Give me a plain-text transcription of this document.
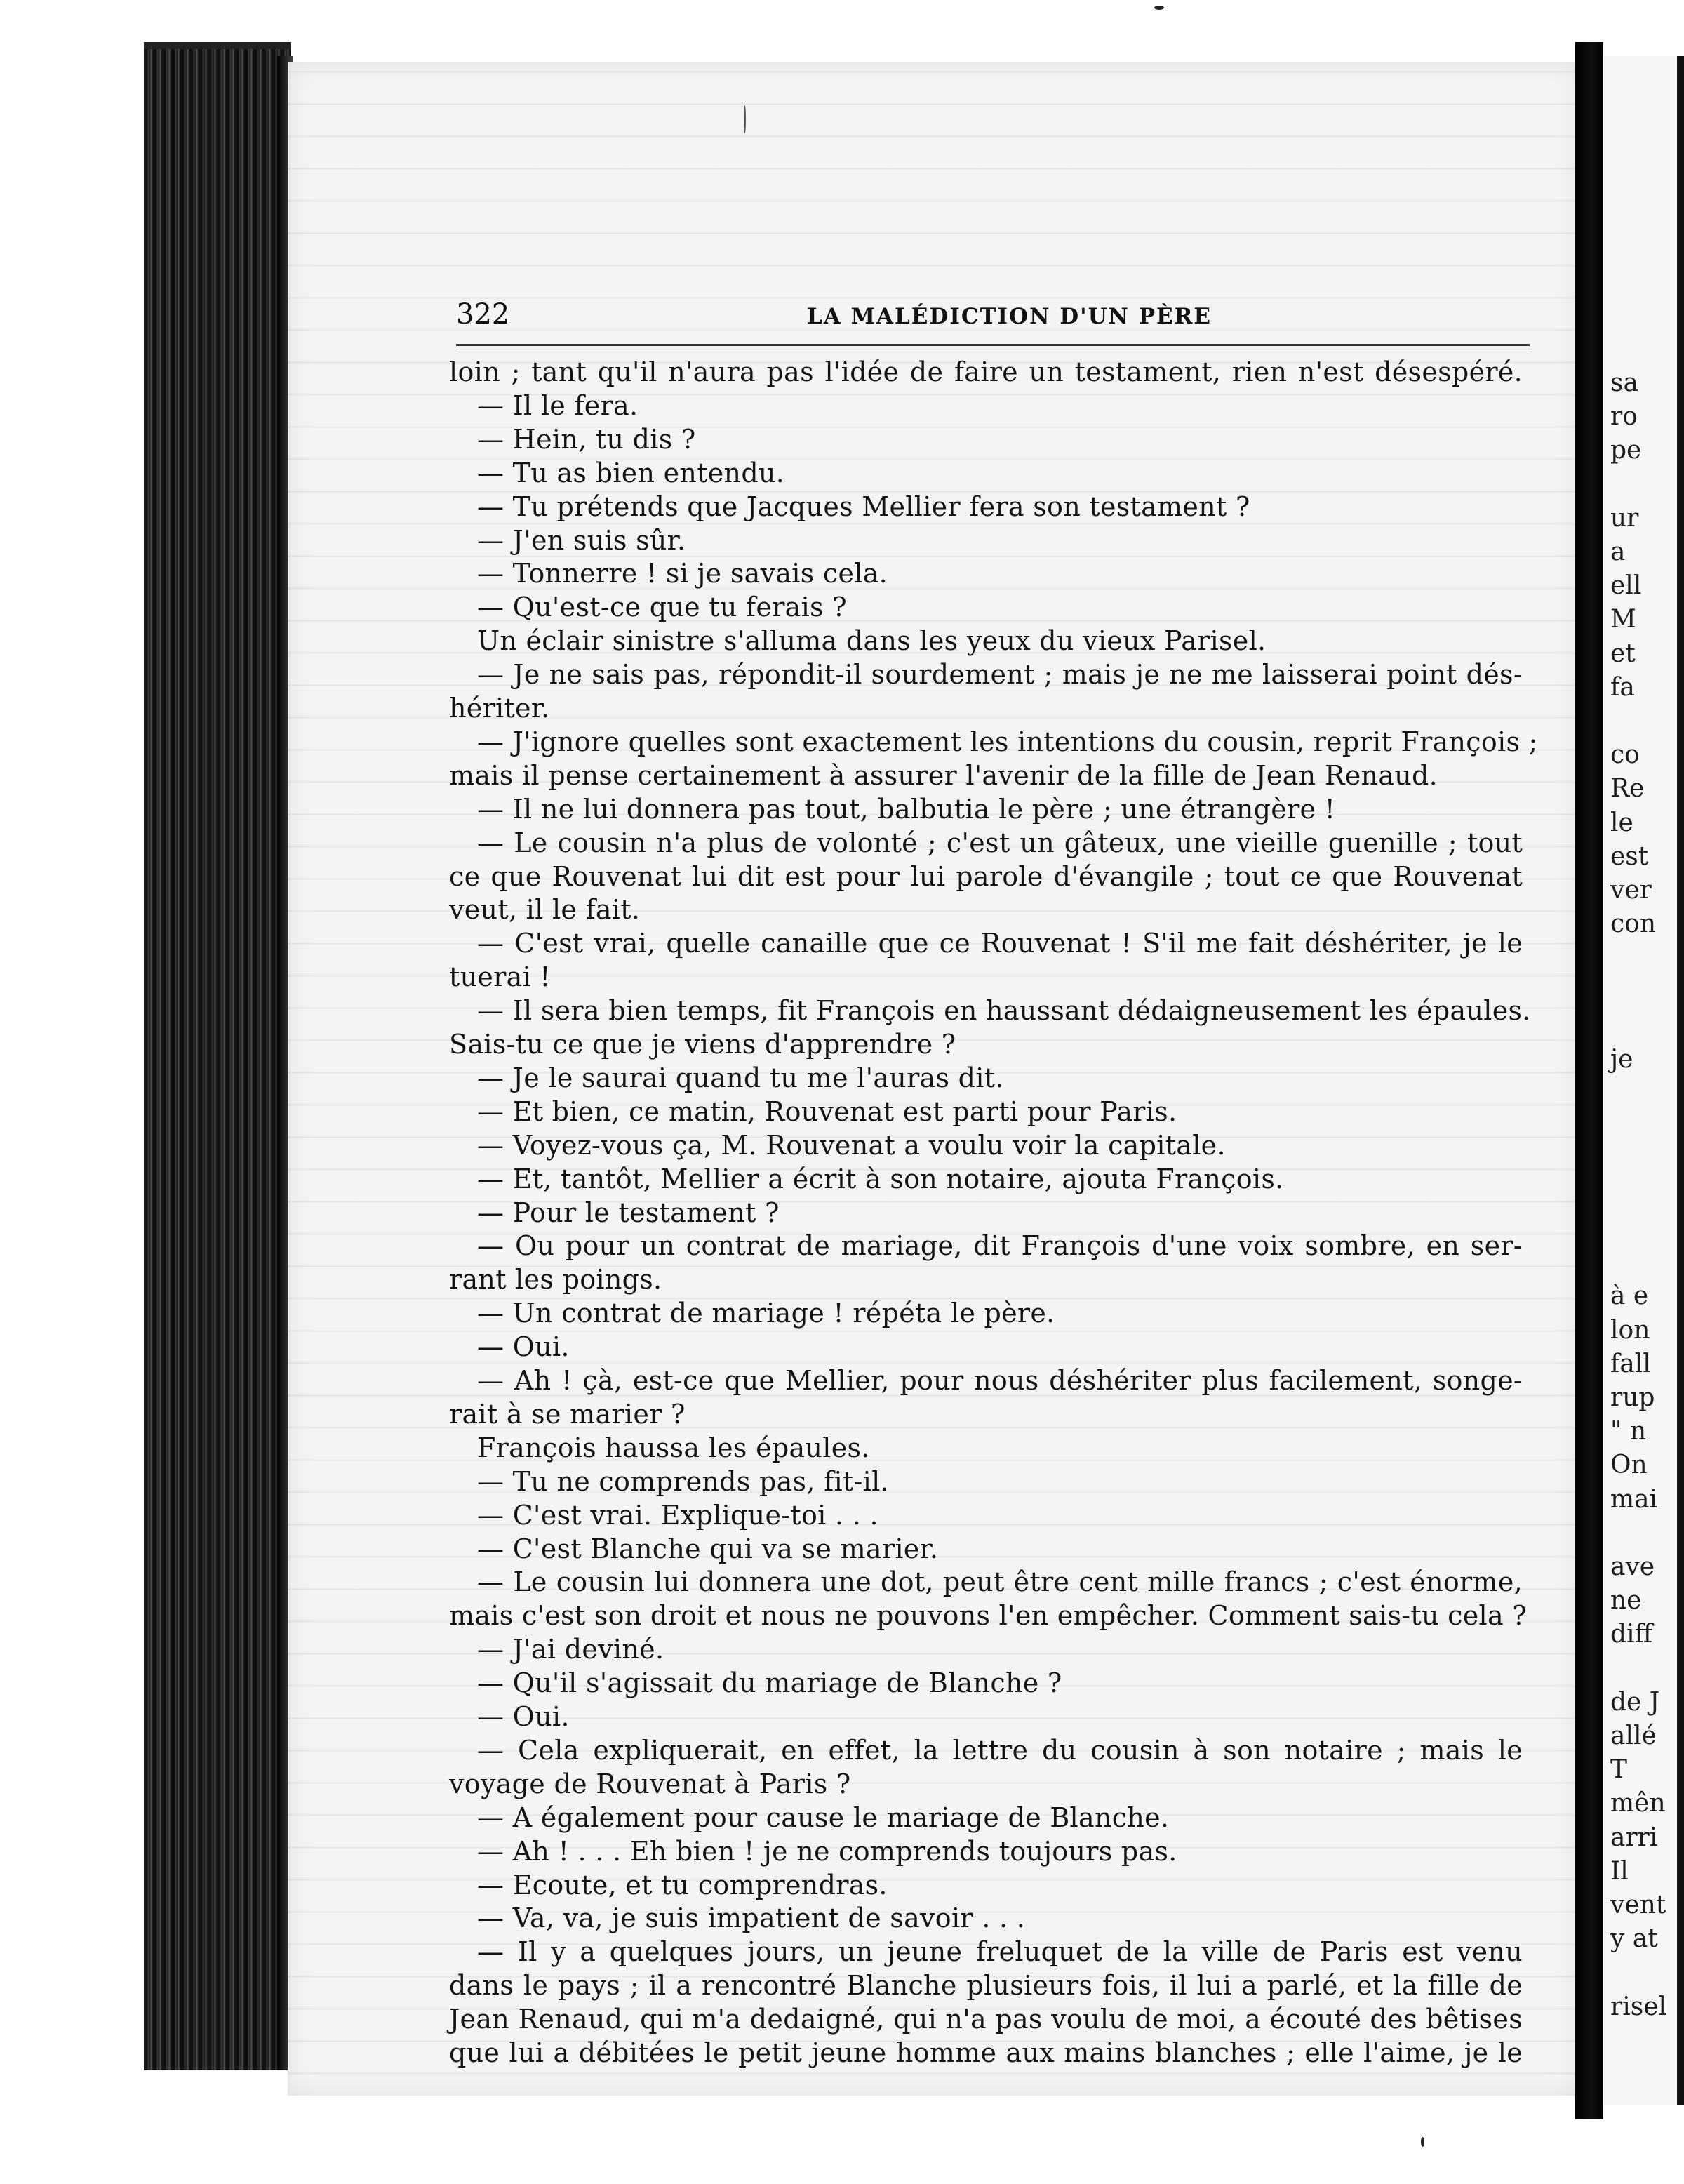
322	LA MALÉDICTION D'UN PÈRE
loin ; tant qu'il n'aura pas l'idée de faire un testament, rien n'est désespéré.
— Il le fera.
— Hein, tu dis ?
— Tu as bien entendu.
— Tu prétends que Jacques Mellier fera son testament ?
— J'en suis sûr.
— Tonnerre ! si je savais cela.
— Qu'est-ce que tu ferais ?
Un éclair sinistre s'alluma dans les yeux du vieux Parisel.
— Je ne sais pas, répondit-il sourdement ; mais je ne me laisserai point dés-
hériter.
— J'ignore quelles sont exactement les intentions du cousin, reprit François ;
mais il pense certainement à assurer l'avenir de la fille de Jean Renaud.
— Il ne lui donnera pas tout, balbutia le père ; une étrangère !
— Le cousin n'a plus de volonté ; c'est un gâteux, une vieille guenille ; tout
ce que Rouvenat lui dit est pour lui parole d'évangile ; tout ce que Rouvenat
veut, il le fait.
— C'est vrai, quelle canaille que ce Rouvenat ! S'il me fait déshériter, je le
tuerai !
— Il sera bien temps, fit François en haussant dédaigneusement les épaules.
Sais-tu ce que je viens d'apprendre ?
— Je le saurai quand tu me l'auras dit.
— Et bien, ce matin, Rouvenat est parti pour Paris.
— Voyez-vous ça, M. Rouvenat a voulu voir la capitale.
— Et, tantôt, Mellier a écrit à son notaire, ajouta François.
— Pour le testament ?
— Ou pour un contrat de mariage, dit François d'une voix sombre, en ser-
rant les poings.
— Un contrat de mariage ! répéta le père.
— Oui.
— Ah ! çà, est-ce que Mellier, pour nous déshériter plus facilement, songe-
rait à se marier ?
François haussa les épaules.
— Tu ne comprends pas, fit-il.
— C'est vrai. Explique-toi . . .
— C'est Blanche qui va se marier.
— Le cousin lui donnera une dot, peut être cent mille francs ; c'est énorme,
mais c'est son droit et nous ne pouvons l'en empêcher. Comment sais-tu cela ?
— J'ai deviné.
— Qu'il s'agissait du mariage de Blanche ?
— Oui.
— Cela expliquerait, en effet, la lettre du cousin à son notaire ; mais le
voyage de Rouvenat à Paris ?
— A également pour cause le mariage de Blanche.
— Ah ! . . . Eh bien ! je ne comprends toujours pas.
— Ecoute, et tu comprendras.
— Va, va, je suis impatient de savoir . . .
— Il y a quelques jours, un jeune freluquet de la ville de Paris est venu
dans le pays ; il a rencontré Blanche plusieurs fois, il lui a parlé, et la fille de
Jean Renaud, qui m'a dedaigné, qui n'a pas voulu de moi, a écouté des bêtises
que lui a débitées le petit jeune homme aux mains blanches ; elle l'aime, je le
sa
ro
pe
ur
a
ell
M
et
fa
co
Re
le
est
ver
con
je
à e
lon
fall
rup
" n
On
mai
ave
ne
diff
de J
allé
T
mên
arri
Il
vent
y at
risel
